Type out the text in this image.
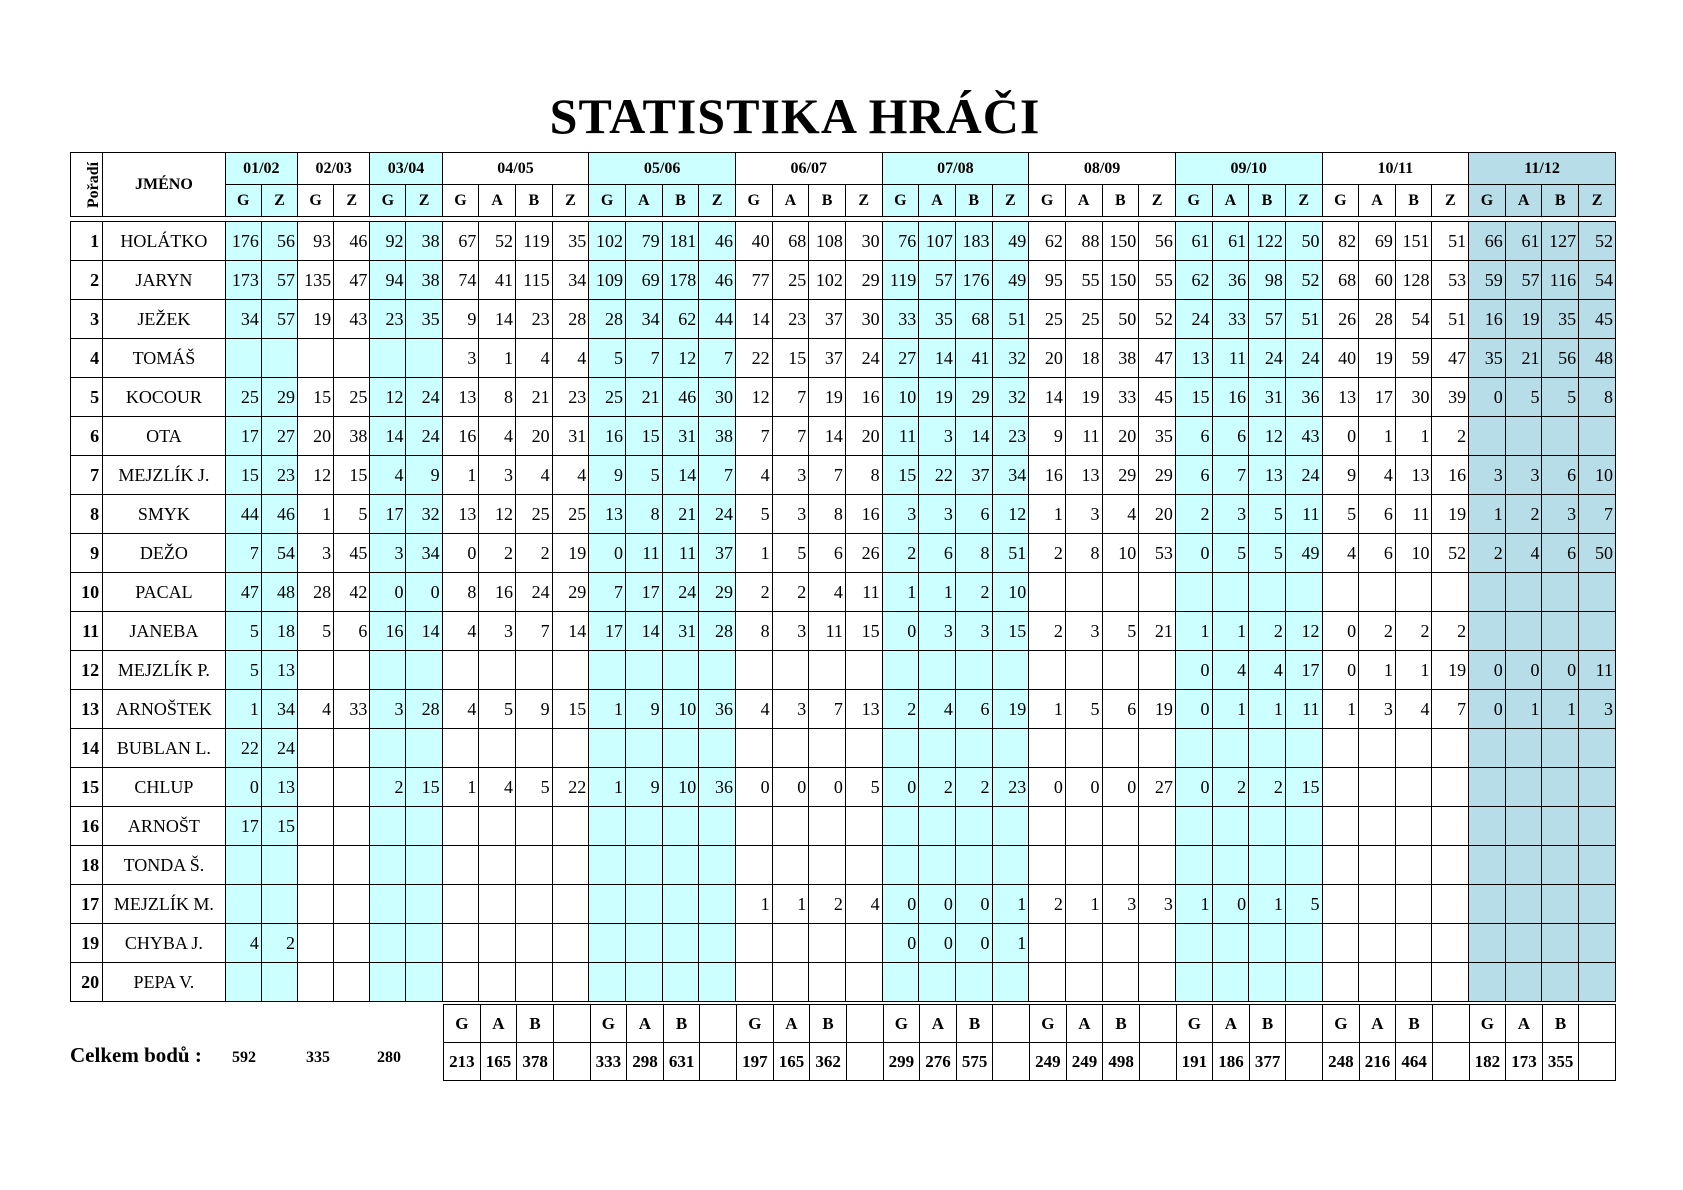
STATISTIKA HRÁČI
Pořadí	JMÉNO	01/02		02/03		03/04		04/05				05/06				06/07				07/08				08/09				09/10				10/11				11/12			
		G	Z	G	Z	G	Z	G	A	B	Z	G	A	B	Z	G	A	B	Z	G	A	B	Z	G	A	B	Z	G	A	B	Z	G	A	B	Z	G	A	B	Z

1	HOLÁTKO	176	56	93	46	92	38	67	52	119	35	102	79	181	46	40	68	108	30	76	107	183	49	62	88	150	56	61	61	122	50	82	69	151	51	66	61	127	52
2	JARYN	173	57	135	47	94	38	74	41	115	34	109	69	178	46	77	25	102	29	119	57	176	49	95	55	150	55	62	36	98	52	68	60	128	53	59	57	116	54
3	JEŽEK	34	57	19	43	23	35	9	14	23	28	28	34	62	44	14	23	37	30	33	35	68	51	25	25	50	52	24	33	57	51	26	28	54	51	16	19	35	45
4	TOMÁŠ							3	1	4	4	5	7	12	7	22	15	37	24	27	14	41	32	20	18	38	47	13	11	24	24	40	19	59	47	35	21	56	48
5	KOCOUR	25	29	15	25	12	24	13	8	21	23	25	21	46	30	12	7	19	16	10	19	29	32	14	19	33	45	15	16	31	36	13	17	30	39	0	5	5	8
6	OTA	17	27	20	38	14	24	16	4	20	31	16	15	31	38	7	7	14	20	11	3	14	23	9	11	20	35	6	6	12	43	0	1	1	2				
7	MEJZLÍK J.	15	23	12	15	4	9	1	3	4	4	9	5	14	7	4	3	7	8	15	22	37	34	16	13	29	29	6	7	13	24	9	4	13	16	3	3	6	10
8	SMYK	44	46	1	5	17	32	13	12	25	25	13	8	21	24	5	3	8	16	3	3	6	12	1	3	4	20	2	3	5	11	5	6	11	19	1	2	3	7
9	DEŽO	7	54	3	45	3	34	0	2	2	19	0	11	11	37	1	5	6	26	2	6	8	51	2	8	10	53	0	5	5	49	4	6	10	52	2	4	6	50
10	PACAL	47	48	28	42	0	0	8	16	24	29	7	17	24	29	2	2	4	11	1	1	2	10																
11	JANEBA	5	18	5	6	16	14	4	3	7	14	17	14	31	28	8	3	11	15	0	3	3	15	2	3	5	21	1	1	2	12	0	2	2	2				
12	MEJZLÍK P.	5	13																									0	4	4	17	0	1	1	19	0	0	0	11
13	ARNOŠTEK	1	34	4	33	3	28	4	5	9	15	1	9	10	36	4	3	7	13	2	4	6	19	1	5	6	19	0	1	1	11	1	3	4	7	0	1	1	3
14	BUBLAN L.	22	24																																				
15	CHLUP	0	13			2	15	1	4	5	22	1	9	10	36	0	0	0	5	0	2	2	23	0	0	0	27	0	2	2	15								
16	ARNOŠT	17	15																																				
18	TONDA Š.																																						
17	MEJZLÍK M.															1	1	2	4	0	0	0	1	2	1	3	3	1	0	1	5								
19	CHYBA J.	4	2																	0	0	0	1																
20	PEPA V.																																						
Celkem bodů : 592	335	280
G	A	B		G	A	B		G	A	B		G	A	B		G	A	B		G	A	B		G	A	B		G	A	B	
213	165	378		333	298	631		197	165	362		299	276	575		249	249	498		191	186	377		248	216	464		182	173	355	
